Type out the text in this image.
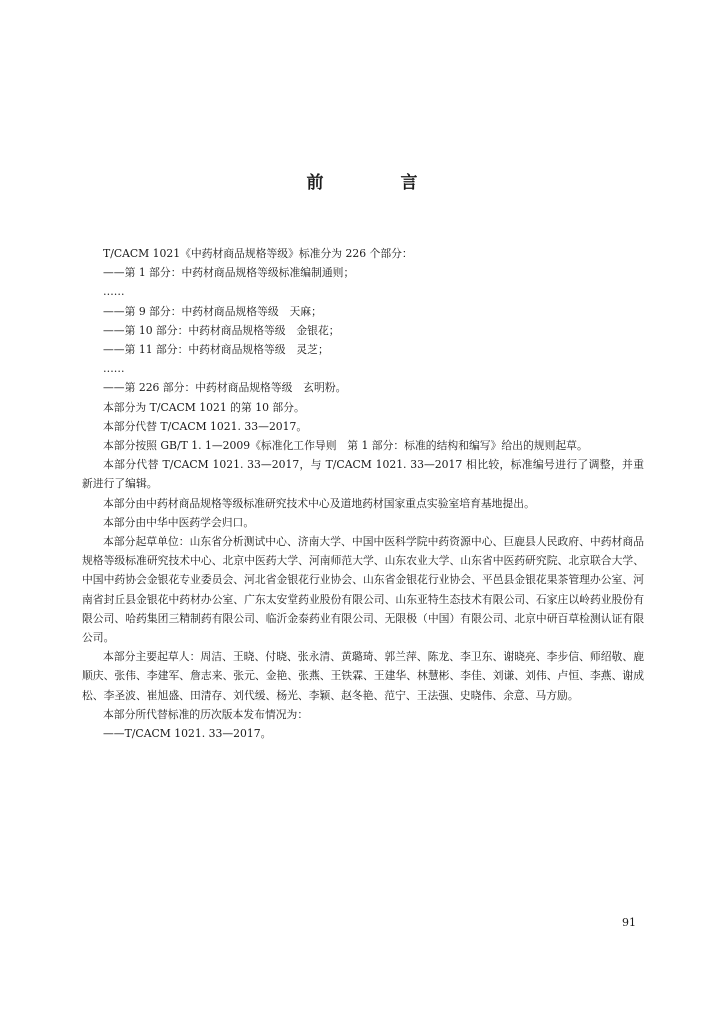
前　言

T/CACM 1021《中药材商品规格等级》标准分为 226 个部分：

——第 1 部分：中药材商品规格等级标准编制通则；

……

——第 9 部分：中药材商品规格等级　天麻；

——第 10 部分：中药材商品规格等级　金银花；

——第 11 部分：中药材商品规格等级　灵芝；

……

——第 226 部分：中药材商品规格等级　玄明粉。

本部分为 T/CACM 1021 的第 10 部分。

本部分代替 T/CACM 1021. 33—2017。

本部分按照 GB/T 1. 1—2009《标准化工作导则　第 1 部分：标准的结构和编写》给出的规则起草。

本部分代替 T/CACM 1021. 33—2017，与 T/CACM 1021. 33—2017 相比较，标准编号进行了调整，并重新进行了编辑。

本部分由中药材商品规格等级标准研究技术中心及道地药材国家重点实验室培育基地提出。

本部分由中华中医药学会归口。

本部分起草单位：山东省分析测试中心、济南大学、中国中医科学院中药资源中心、巨鹿县人民政府、中药材商品规格等级标准研究技术中心、北京中医药大学、河南师范大学、山东农业大学、山东省中医药研究院、北京联合大学、中国中药协会金银花专业委员会、河北省金银花行业协会、山东省金银花行业协会、平邑县金银花果茶管理办公室、河南省封丘县金银花中药材办公室、广东太安堂药业股份有限公司、山东亚特生态技术有限公司、石家庄以岭药业股份有限公司、哈药集团三精制药有限公司、临沂金泰药业有限公司、无限极（中国）有限公司、北京中研百草检测认证有限公司。

本部分主要起草人：周洁、王晓、付晓、张永清、黄璐琦、郭兰萍、陈龙、李卫东、谢晓亮、李步信、师绍敬、鹿顺庆、张伟、李建军、詹志来、张元、金艳、张燕、王铁霖、王建华、林慧彬、李佳、刘谦、刘伟、卢恒、李燕、谢成松、李圣波、崔旭盛、田清存、刘代缓、杨光、李颖、赵冬艳、范宁、王法强、史晓伟、余意、马方励。

本部分所代替标准的历次版本发布情况为：

——T/CACM 1021. 33—2017。

91
